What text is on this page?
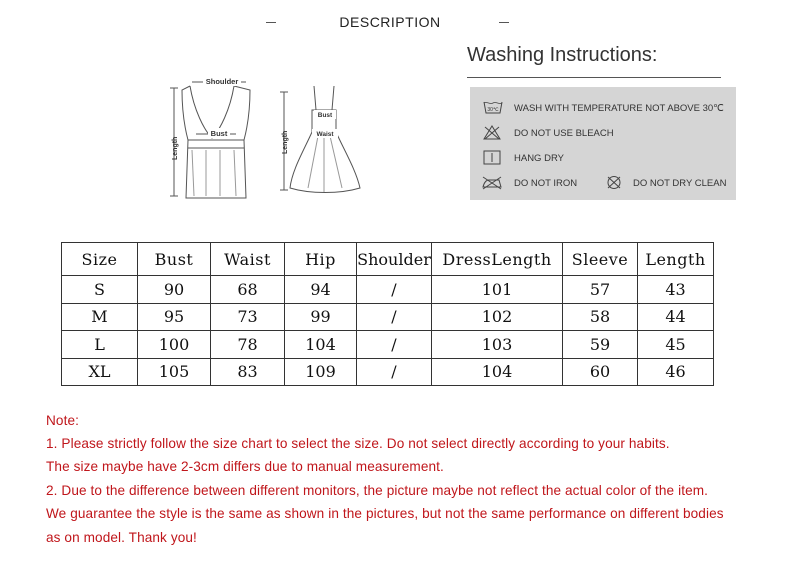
DESCRIPTION
Shoulder
Bust
Length
Bust
Waist
Length
Washing Instructions:
30℃ WASH WITH TEMPERATURE NOT ABOVE 30℃
DO NOT USE BLEACH
HANG DRY
DO NOT IRON	DO NOT DRY CLEAN
Size	Bust	Waist	Hip	Shoulder	DressLength	Sleeve	Length
S	90	68	94	/	101	57	43
M	95	73	99	/	102	58	44
L	100	78	104	/	103	59	45
XL	105	83	109	/	104	60	46
Note:
1. Please strictly follow the size chart to select the size. Do not select directly according to your habits.
The size maybe have 2-3cm differs due to manual measurement.
2. Due to the difference between different monitors, the picture maybe not reflect the actual color of the item.
We guarantee the style is the same as shown in the pictures, but not the same performance on different bodies
as on model. Thank you!
